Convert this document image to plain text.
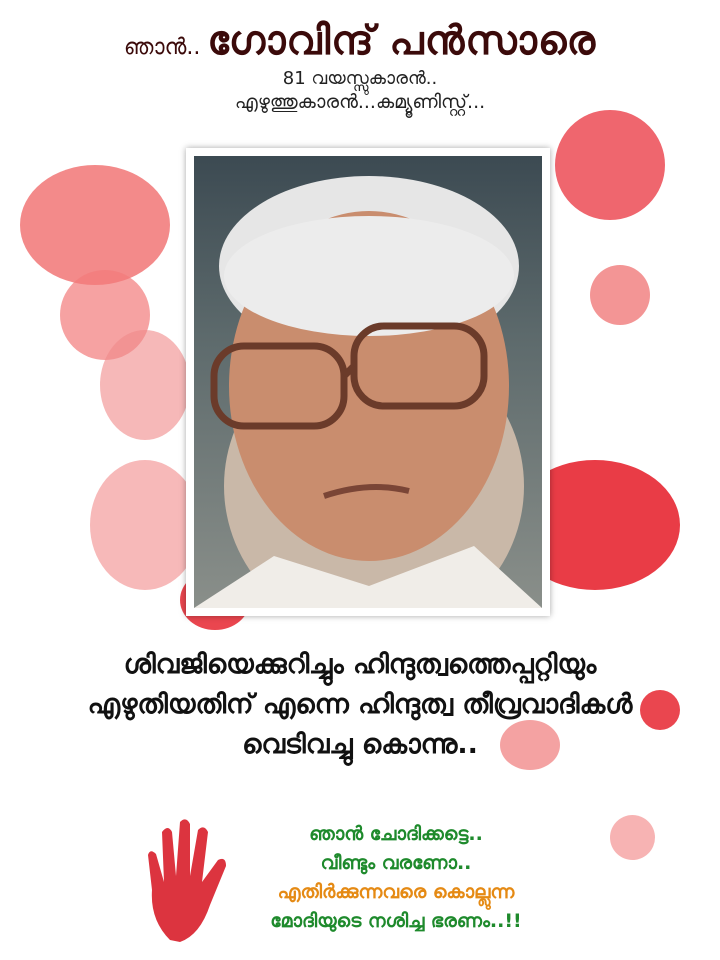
ഞാൻ.. ഗോവിന്ദ് പൻസാരെ
81 വയസ്സുകാരൻ..
എഴുത്തുകാരൻ...കമ്യൂണിസ്റ്റ്...
ശിവജിയെക്കുറിച്ചും ഹിന്ദുത്വത്തെപ്പറ്റിയും
എഴുതിയതിന് എന്നെ ഹിന്ദുത്വ തീവ്രവാദികൾ
വെടിവച്ചു കൊന്നു..
ഞാൻ ചോദിക്കട്ടെ..
വീണ്ടും വരണോ..
എതിർക്കുന്നവരെ കൊല്ലുന്ന
മോദിയുടെ നശിച്ച ഭരണം..!!
